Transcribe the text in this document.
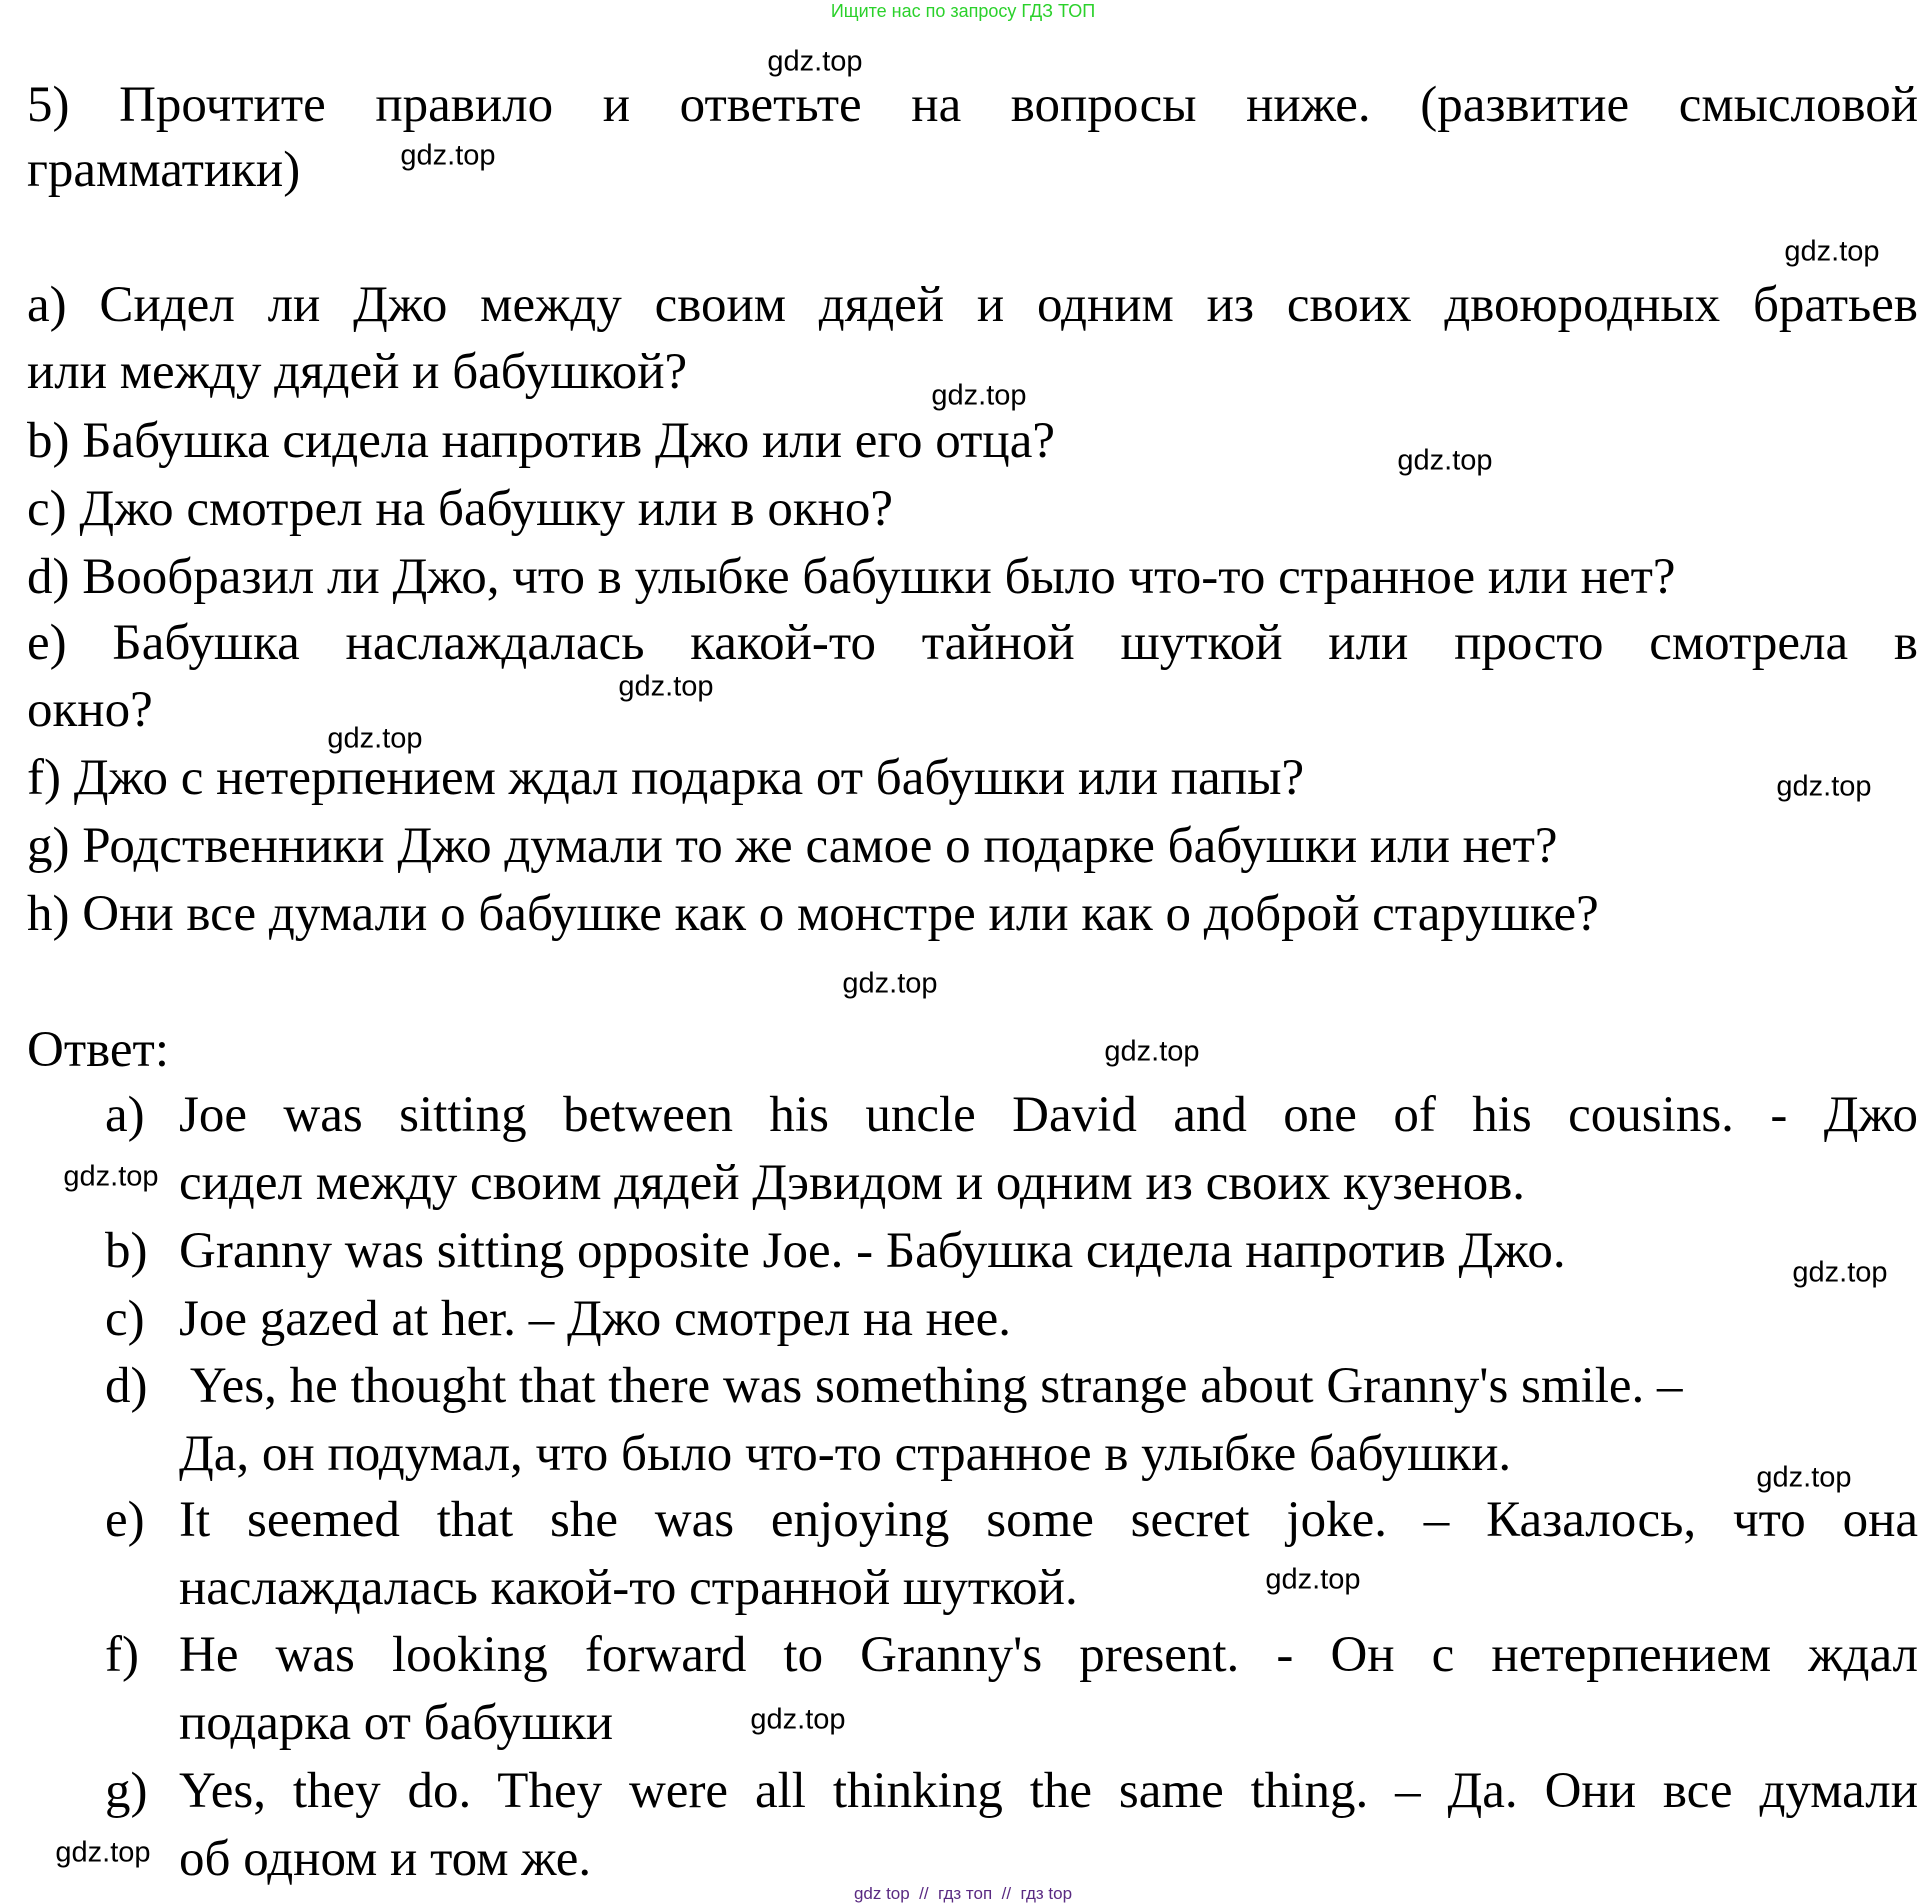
Ищите нас по запросу ГДЗ ТОП
5) Прочтите правило и ответьте на вопросы ниже. (развитие смысловой
грамматики)
a) Сидел ли Джо между своим дядей и одним из своих двоюродных братьев
или между дядей и бабушкой?
b) Бабушка сидела напротив Джо или его отца?
c) Джо смотрел на бабушку или в окно?
d) Вообразил ли Джо, что в улыбке бабушки было что-то странное или нет?
e) Бабушка наслаждалась какой-то тайной шуткой или просто смотрела в
окно?
f) Джо с нетерпением ждал подарка от бабушки или папы?
g) Родственники Джо думали то же самое о подарке бабушки или нет?
h) Они все думали о бабушке как о монстре или как о доброй старушке?
Ответ:
a) Joe was sitting between his uncle David and one of his cousins. - Джо
сидел между своим дядей Дэвидом и одним из своих кузенов.
b) Granny was sitting opposite Joe. - Бабушка сидела напротив Джо.
c) Joe gazed at her. – Джо смотрел на нее.
d) Yes, he thought that there was something strange about Granny's smile. –
Да, он подумал, что было что-то странное в улыбке бабушки.
e) It seemed that she was enjoying some secret joke. – Казалось, что она
наслаждалась какой-то странной шуткой.
f) He was looking forward to Granny's present. - Он с нетерпением ждал
подарка от бабушки
g) Yes, they do. They were all thinking the same thing. – Да. Они все думали
об одном и том же.
gdz.top
gdz.top
gdz.top
gdz.top
gdz.top
gdz.top
gdz.top
gdz.top
gdz.top
gdz.top
gdz.top
gdz.top
gdz.top
gdz.top
gdz.top
gdz.top
gdz top  //  гдз топ  //  гдз top
